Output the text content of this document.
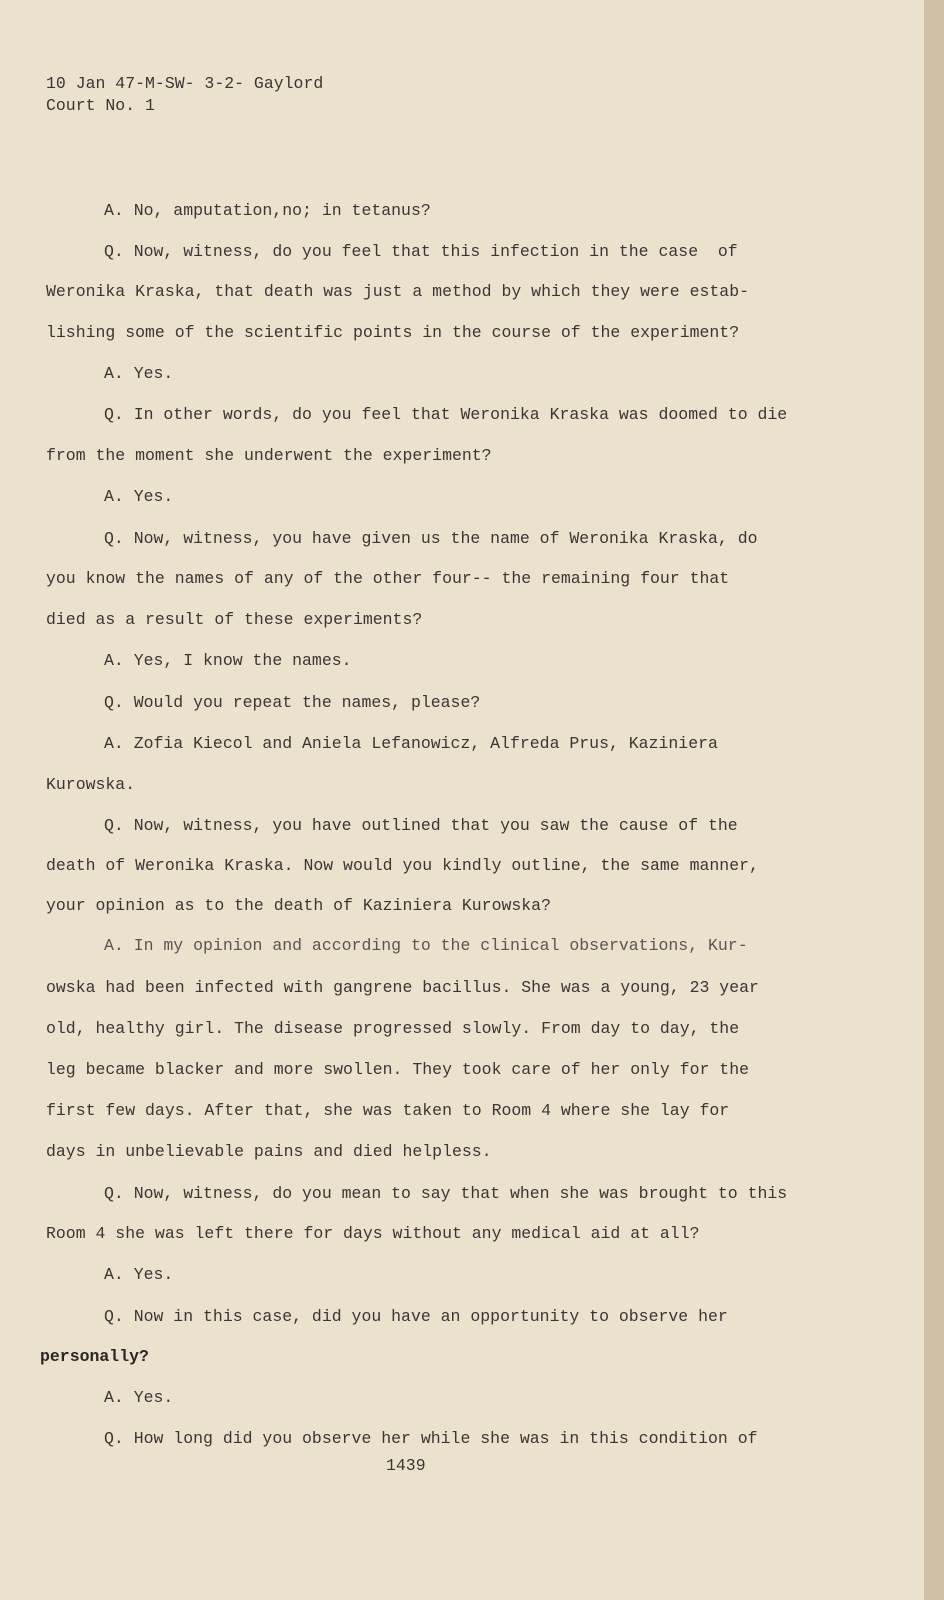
10 Jan 47-M-SW- 3-2- Gaylord
Court No. 1
A. No, amputation,no; in tetanus?
Q. Now, witness, do you feel that this infection in the case  of
Weronika Kraska, that death was just a method by which they were estab-
lishing some of the scientific points in the course of the experiment?
A. Yes.
Q. In other words, do you feel that Weronika Kraska was doomed to die
from the moment she underwent the experiment?
A. Yes.
Q. Now, witness, you have given us the name of Weronika Kraska, do
you know the names of any of the other four-- the remaining four that
died as a result of these experiments?
A. Yes, I know the names.
Q. Would you repeat the names, please?
A. Zofia Kiecol and Aniela Lefanowicz, Alfreda Prus, Kaziniera
Kurowska.
Q. Now, witness, you have outlined that you saw the cause of the
death of Weronika Kraska. Now would you kindly outline, the same manner,
your opinion as to the death of Kaziniera Kurowska?
A. In my opinion and according to the clinical observations, Kur-
owska had been infected with gangrene bacillus. She was a young, 23 year
old, healthy girl. The disease progressed slowly. From day to day, the
leg became blacker and more swollen. They took care of her only for the
first few days. After that, she was taken to Room 4 where she lay for
days in unbelievable pains and died helpless.
Q. Now, witness, do you mean to say that when she was brought to this
Room 4 she was left there for days without any medical aid at all?
A. Yes.
Q. Now in this case, did you have an opportunity to observe her
personally?
A. Yes.
Q. How long did you observe her while she was in this condition of
1439
